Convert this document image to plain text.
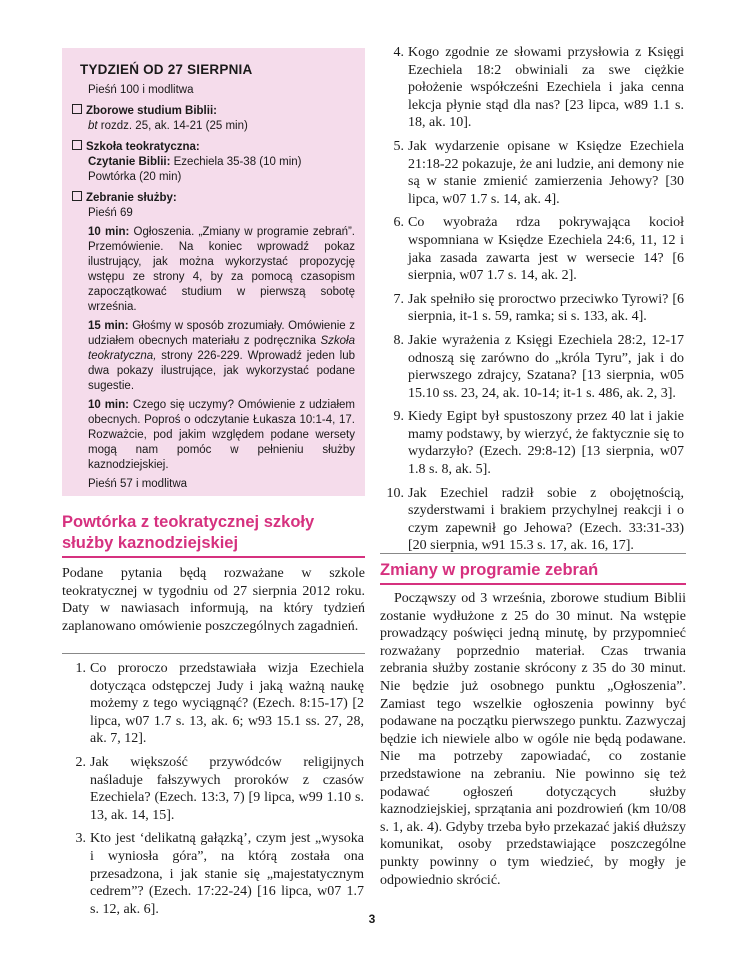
TYDZIEŃ OD 27 SIERPNIA

Pieśń 100 i modlitwa

Zborowe studium Biblii:

bt rozdz. 25, ak. 14-21 (25 min)

Szkoła teokratyczna:

Czytanie Biblii: Ezechiela 35-38 (10 min)

Powtórka (20 min)

Zebranie służby:

Pieśń 69

10 min: Ogłoszenia. „Zmiany w programie zebrań”. Przemówienie. Na koniec wprowadź pokaz ilustrujący, jak można wykorzystać propozycję wstępu ze strony 4, by za pomocą czasopism zapoczątkować studium w pierwszą sobotę września.

15 min: Głośmy w sposób zrozumiały. Omówienie z udziałem obecnych materiału z podręcznika Szkoła teokratyczna, strony 226-229. Wprowadź jeden lub dwa pokazy ilustrujące, jak wykorzystać podane sugestie.

10 min: Czego się uczymy? Omówienie z udziałem obecnych. Poproś o odczytanie Łukasza 10:1-4, 17. Rozważcie, pod jakim względem podane wersety mogą nam pomóc w pełnieniu służby kaznodziejskiej.

Pieśń 57 i modlitwa

Powtórka z teokratycznej szkoły
służby kaznodziejskiej

Podane pytania będą rozważane w szkole teokratycznej w tygodniu od 27 sierpnia 2012 roku. Daty w nawiasach informują, na który tydzień zaplanowano omówienie poszczególnych zagadnień.

1. Co proroczo przedstawiała wizja Ezechiela dotycząca odstępczej Judy i jaką ważną naukę możemy z tego wyciągnąć? (Ezech. 8:15-17) [2 lipca, w07 1.7 s. 13, ak. 6; w93 15.1 ss. 27, 28, ak. 7, 12].
2. Jak większość przywódców religijnych naśladuje fałszywych proroków z czasów Ezechiela? (Ezech. 13:3, 7) [9 lipca, w99 1.10 s. 13, ak. 14, 15].
3. Kto jest ‘delikatną gałązką’, czym jest „wysoka i wyniosła góra”, na którą została ona przesadzona, i jak stanie się „majestatycznym cedrem”? (Ezech. 17:22-24) [16 lipca, w07 1.7 s. 12, ak. 6].
4. Kogo zgodnie ze słowami przysłowia z Księgi Ezechiela 18:2 obwiniali za swe ciężkie położenie współcześni Ezechiela i jaka cenna lekcja płynie stąd dla nas? [23 lipca, w89 1.1 s. 18, ak. 10].
5. Jak wydarzenie opisane w Księdze Ezechiela 21:18-22 pokazuje, że ani ludzie, ani demony nie są w stanie zmienić zamierzenia Jehowy? [30 lipca, w07 1.7 s. 14, ak. 4].
6. Co wyobraża rdza pokrywająca kocioł wspomniana w Księdze Ezechiela 24:6, 11, 12 i jaka zasada zawarta jest w wersecie 14? [6 sierpnia, w07 1.7 s. 14, ak. 2].
7. Jak spełniło się proroctwo przeciwko Tyrowi? [6 sierpnia, it-1 s. 59, ramka; si s. 133, ak. 4].
8. Jakie wyrażenia z Księgi Ezechiela 28:2, 12-17 odnoszą się zarówno do „króla Tyru”, jak i do pierwszego zdrajcy, Szatana? [13 sierpnia, w05 15.10 ss. 23, 24, ak. 10-14; it-1 s. 486, ak. 2, 3].
9. Kiedy Egipt był spustoszony przez 40 lat i jakie mamy podstawy, by wierzyć, że faktycznie się to wydarzyło? (Ezech. 29:8-12) [13 sierpnia, w07 1.8 s. 8, ak. 5].
10. Jak Ezechiel radził sobie z obojętnością, szyderstwami i brakiem przychylnej reakcji i o czym zapewnił go Jehowa? (Ezech. 33:31-33) [20 sierpnia, w91 15.3 s. 17, ak. 16, 17].
Zmiany w programie zebrań

Począwszy od 3 września, zborowe studium Biblii zostanie wydłużone z 25 do 30 minut. Na wstępie prowadzący poświęci jedną minutę, by przypomnieć rozważany poprzednio materiał. Czas trwania zebrania służby zostanie skrócony z 35 do 30 minut. Nie będzie już osobnego punktu „Ogłoszenia”. Zamiast tego wszelkie ogłoszenia powinny być podawane na początku pierwszego punktu. Zazwyczaj będzie ich niewiele albo w ogóle nie będą podawane. Nie ma potrzeby zapowiadać, co zostanie przedstawione na zebraniu. Nie powinno się też podawać ogłoszeń dotyczących służby kaznodziejskiej, sprzątania ani pozdrowień (km 10/08 s. 1, ak. 4). Gdyby trzeba było przekazać jakiś dłuższy komunikat, osoby przedstawiające poszczególne punkty powinny o tym wiedzieć, by mogły je odpowiednio skrócić.

3
